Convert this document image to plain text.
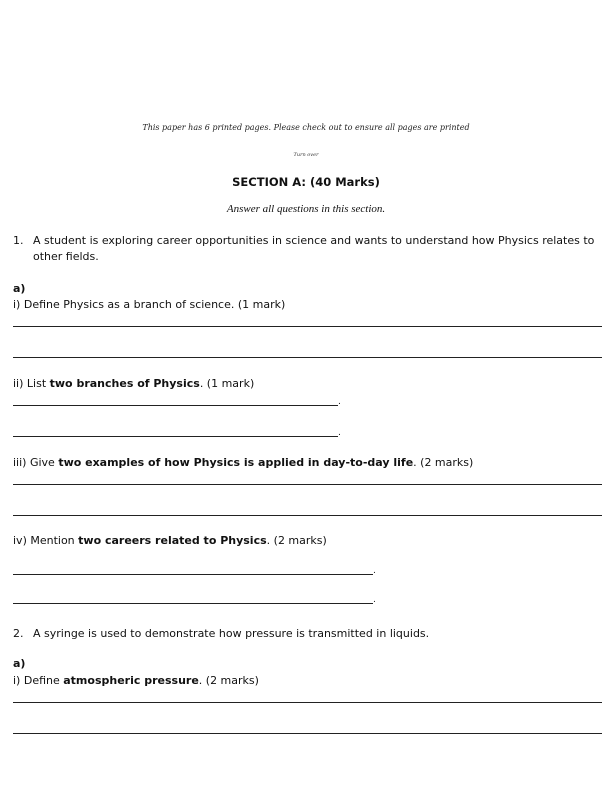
This paper has 6 printed pages. Please check out to ensure all pages are printed
Turn over
SECTION A: (40 Marks)
Answer all questions in this section.
1. A student is exploring career opportunities in science and wants to understand how Physics relates to
other fields.
a)
i) Define Physics as a branch of science. (1 mark)
ii) List two branches of Physics. (1 mark)
.
.
iii) Give two examples of how Physics is applied in day-to-day life. (2 marks)
iv) Mention two careers related to Physics. (2 marks)
.
.
2. A syringe is used to demonstrate how pressure is transmitted in liquids.
a)
i) Define atmospheric pressure. (2 marks)
